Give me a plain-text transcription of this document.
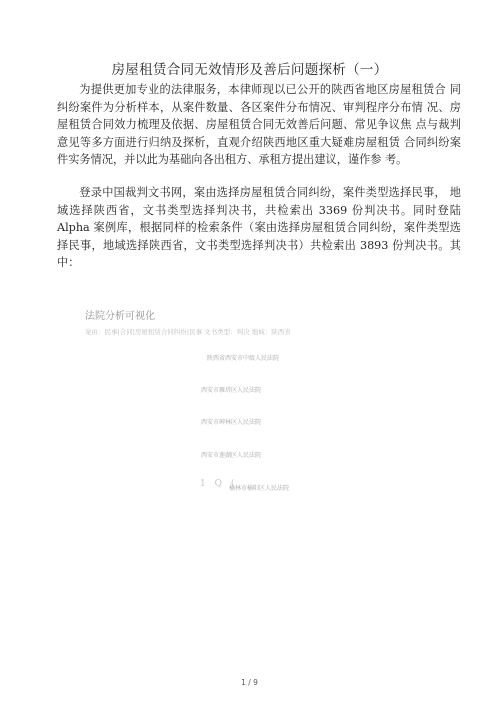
房屋租赁合同无效情形及善后问题探析（一）

为提供更加专业的法律服务，本律师现以已公开的陕西省地区房屋租赁合 同纠纷案件为分析样本，从案件数量、各区案件分布情况、审判程序分布情 况、房屋租赁合同效力梳理及依据、房屋租赁合同无效善后问题、常见争议焦 点与裁判意见等多方面进行归纳及探析，直观介绍陕西地区重大疑难房屋租赁 合同纠纷案件实务情况，并以此为基础向各出租方、承租方提出建议，谨作参 考。

登录中国裁判文书网，案由选择房屋租赁合同纠纷，案件类型选择民事， 地域选择陕西省，文书类型选择判决书，共检索出 3369 份判决书。同时登陆 Alpha 案例库，根据同样的检索条件（案由选择房屋租赁合同纠纷，案件类型选 择民事，地域选择陕西省，文书类型选择判决书）共检索出 3893 份判决书。其中：

法院分析可视化
案由：民事|合同|房屋租赁合同纠纷|民事 文书类型：判决 地域：陕西省
陕西省西安市中级人民法院
西安市雁塔区人民法院
西安市碑林区人民法院
西安市莲湖区人民法院
1 Q (
榆林市榆阳区人民法院
1 / 9
